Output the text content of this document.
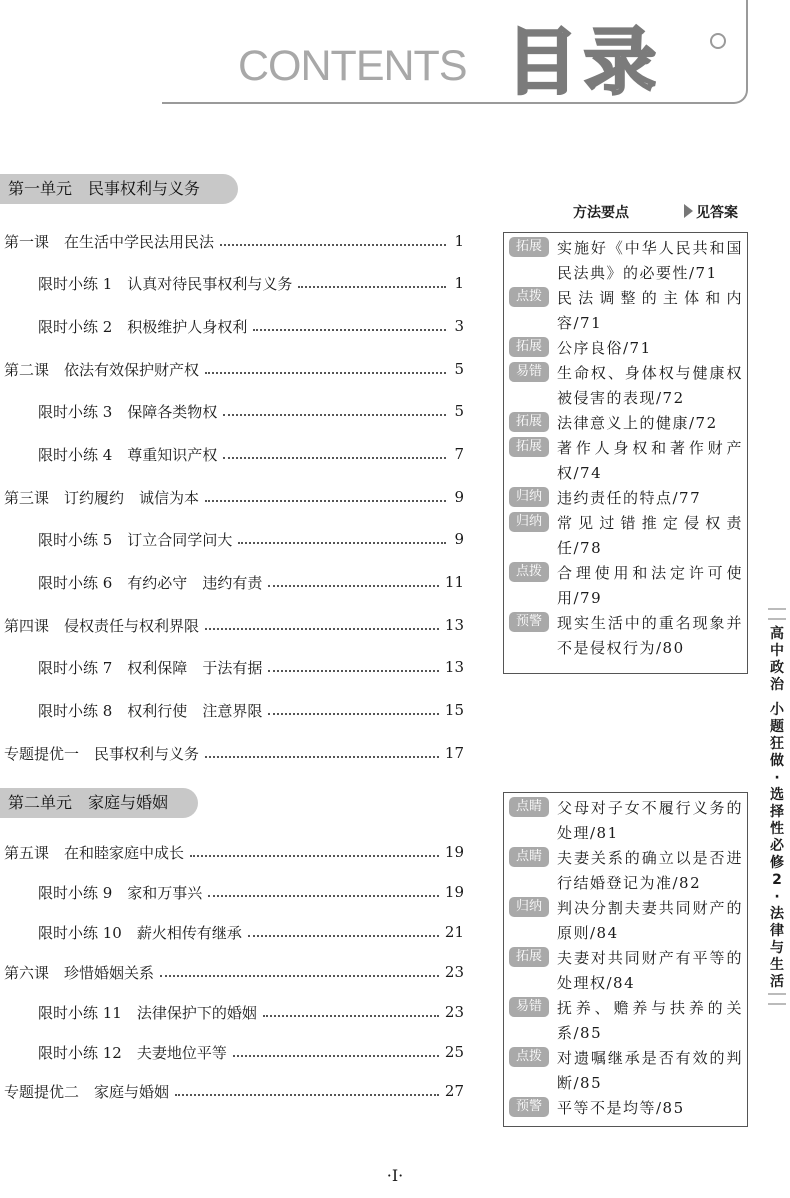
CONTENTS 目录
第一单元　民事权利与义务
第二单元　家庭与婚姻
第一课　在生活中学民法用民法	1
限时小练 1　认真对待民事权利与义务	1
限时小练 2　积极维护人身权利	3
第二课　依法有效保护财产权	5
限时小练 3　保障各类物权	5
限时小练 4　尊重知识产权	7
第三课　订约履约　诚信为本	9
限时小练 5　订立合同学问大	9
限时小练 6　有约必守　违约有责	11
第四课　侵权责任与权利界限	13
限时小练 7　权利保障　于法有据	13
限时小练 8　权利行使　注意界限	15
专题提优一　民事权利与义务	17
第五课　在和睦家庭中成长	19
限时小练 9　家和万事兴	19
限时小练 10　薪火相传有继承	21
第六课　珍惜婚姻关系	23
限时小练 11　法律保护下的婚姻	23
限时小练 12　夫妻地位平等	25
专题提优二　家庭与婚姻	27
方法要点	见答案
拓展	实施好《中华人民共和国民法典》的必要性/71
点拨	民法调整的主体和内容/71
拓展	公序良俗/71
易错	生命权、身体权与健康权被侵害的表现/72
拓展	法律意义上的健康/72
拓展	著作人身权和著作财产权/74
归纳	违约责任的特点/77
归纳	常见过错推定侵权责任/78
点拨	合理使用和法定许可使用/79
预警	现实生活中的重名现象并不是侵权行为/80
点睛	父母对子女不履行义务的处理/81
点睛	夫妻关系的确立以是否进行结婚登记为准/82
归纳	判决分割夫妻共同财产的原则/84
拓展	夫妻对共同财产有平等的处理权/84
易错	抚养、赡养与扶养的关系/85
点拨	对遗嘱继承是否有效的判断/85
预警	平等不是均等/85
高
中
政
治
小
题
狂
做
·
选
择
性
必
修
2
·
法
律
与
生
活
·Ⅰ·
